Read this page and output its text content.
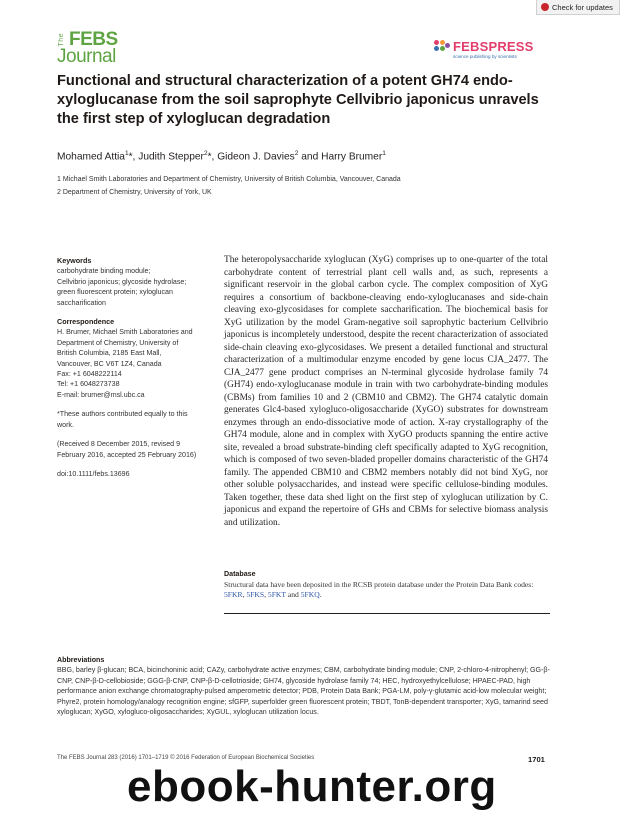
Check for updates
The FEBS
Journal	FEBSPRESS
science publishing by scientists
Functional and structural characterization of a potent GH74 endo-xyloglucanase from the soil saprophyte Cellvibrio japonicus unravels the first step of xyloglucan degradation
Mohamed Attia$^1$*, Judith Stepper$^2$*, Gideon J. Davies$^2$ and Harry Brumer$^1$
1 Michael Smith Laboratories and Department of Chemistry, University of British Columbia, Vancouver, Canada
2 Department of Chemistry, University of York, UK

Keywords

carbohydrate binding module;

Cellvibrio japonicus; glycoside hydrolase;

green fluorescent protein; xyloglucan

saccharification

Correspondence

H. Brumer, Michael Smith Laboratories and

Department of Chemistry, University of

British Columbia, 2185 East Mall,

Vancouver, BC V6T 1Z4, Canada

Fax: +1 6048222114

Tel: +1 6048273738

E-mail: brumer@msl.ubc.ca

*These authors contributed equally to this

work.

(Received 8 December 2015, revised 9

February 2016, accepted 25 February 2016)

doi:10.1111/febs.13696

The heteropolysaccharide xyloglucan (XyG) comprises up to one-quarter of the total carbohydrate content of terrestrial plant cell walls and, as such, represents a significant reservoir in the global carbon cycle. The complex composition of XyG requires a consortium of backbone-cleaving endo-xyloglucanases and side-chain cleaving exo-glycosidases for complete saccharification. The biochemical basis for XyG utilization by the model Gram-negative soil saprophytic bacterium Cellvibrio japonicus is incompletely understood, despite the recent characterization of associated side-chain cleaving exo-glycosidases. We present a detailed functional and structural characterization of a multimodular enzyme encoded by gene locus CJA_2477. The CJA_2477 gene product comprises an N-terminal glycoside hydrolase family 74 (GH74) endo-xyloglucanase module in train with two carbohydrate-binding modules (CBMs) from families 10 and 2 (CBM10 and CBM2). The GH74 catalytic domain generates Glc4-based xylogluco-oligosaccharide (XyGO) substrates for downstream enzymes through an endo-dissociative mode of action. X-ray crystallography of the GH74 module, alone and in complex with XyGO products spanning the entire active site, revealed a broad substrate-binding cleft specifically adapted to XyG recognition, which is composed of two seven-bladed propeller domains characteristic of the GH74 family. The appended CBM10 and CBM2 members notably did not bind XyG, nor other soluble polysaccharides, and instead were specific cellulose-binding modules. Taken together, these data shed light on the first step of xyloglucan utilization by C. japonicus and expand the repertoire of GHs and CBMs for selective biomass analysis and utilization.
Database
Structural data have been deposited in the RCSB protein database under the Protein Data Bank codes: 5FKR, 5FKS, 5FKT and 5FKQ.
Abbreviations
BBG, barley β-glucan; BCA, bicinchoninic acid; CAZy, carbohydrate active enzymes; CBM, carbohydrate binding module; CNP, 2-chloro-4-nitrophenyl; GG-β-CNP, CNP-β-D-cellobioside; GGG-β-CNP, CNP-β-D-cellotrioside; GH74, glycoside hydrolase family 74; HEC, hydroxyethylcellulose; HPAEC-PAD, high performance anion exchange chromatography-pulsed amperometric detector; PDB, Protein Data Bank; PGA-LM, poly-γ-glutamic acid-low molecular weight; Phyre2, protein homology/analogy recognition engine; sfGFP, superfolder green fluorescent protein; TBDT, TonB-dependent transporter; XyG, tamarind seed xyloglucan; XyGO, xylogluco-oligosaccharides; XyGUL, xyloglucan utilization locus.
The FEBS Journal 283 (2016) 1701–1719 © 2016 Federation of European Biochemical Societies	1701
ebook-hunter.org
